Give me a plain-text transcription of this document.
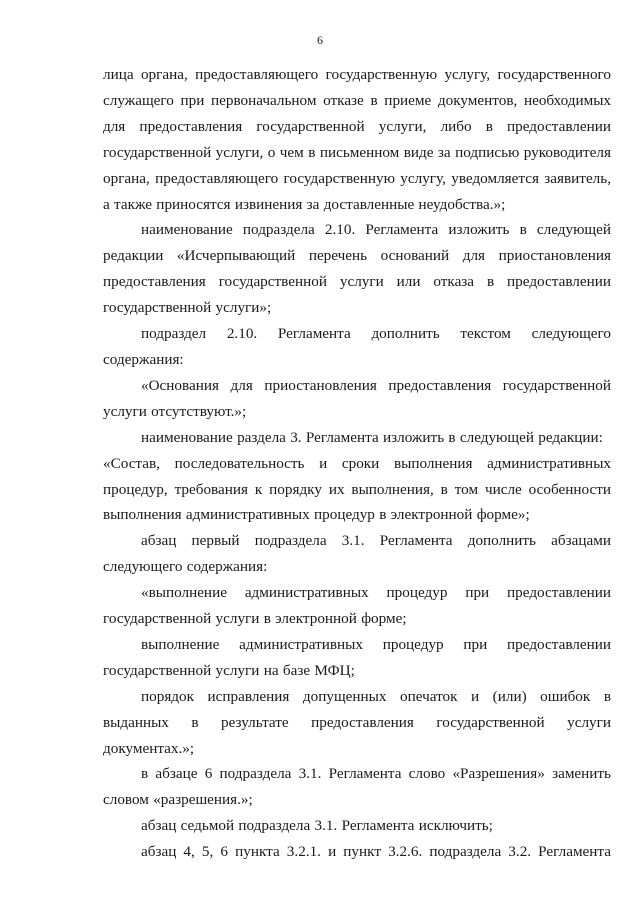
6

лица органа, предоставляющего государственную услугу, государственного служащего при первоначальном отказе в приеме документов, необходимых для предоставления государственной услуги, либо в предоставлении государственной услуги, о чем в письменном виде за подписью руководителя органа, предоставляющего государственную услугу, уведомляется заявитель, а также приносятся извинения за доставленные неудобства.»;

наименование подраздела 2.10. Регламента изложить в следующей редакции «Исчерпывающий перечень оснований для приостановления предоставления государственной услуги или отказа в предоставлении государственной услуги»;

подраздел 2.10. Регламента дополнить текстом следующего содержания:

«Основания для приостановления предоставления государственной услуги отсутствуют.»;

наименование раздела 3. Регламента изложить в следующей редакции:

«Состав, последовательность и сроки выполнения административных процедур, требования к порядку их выполнения, в том числе особенности выполнения административных процедур в электронной форме»;

абзац первый подраздела 3.1. Регламента дополнить абзацами следующего содержания:

«выполнение административных процедур при предоставлении государственной услуги в электронной форме;

выполнение административных процедур при предоставлении государственной услуги на базе МФЦ;

порядок исправления допущенных опечаток и (или) ошибок в выданных в результате предоставления государственной услуги документах.»;

в абзаце 6 подраздела 3.1. Регламента слово «Разрешения» заменить словом «разрешения.»;

абзац седьмой подраздела 3.1. Регламента исключить;

абзац 4, 5, 6 пункта 3.2.1. и пункт 3.2.6. подраздела 3.2. Регламента
